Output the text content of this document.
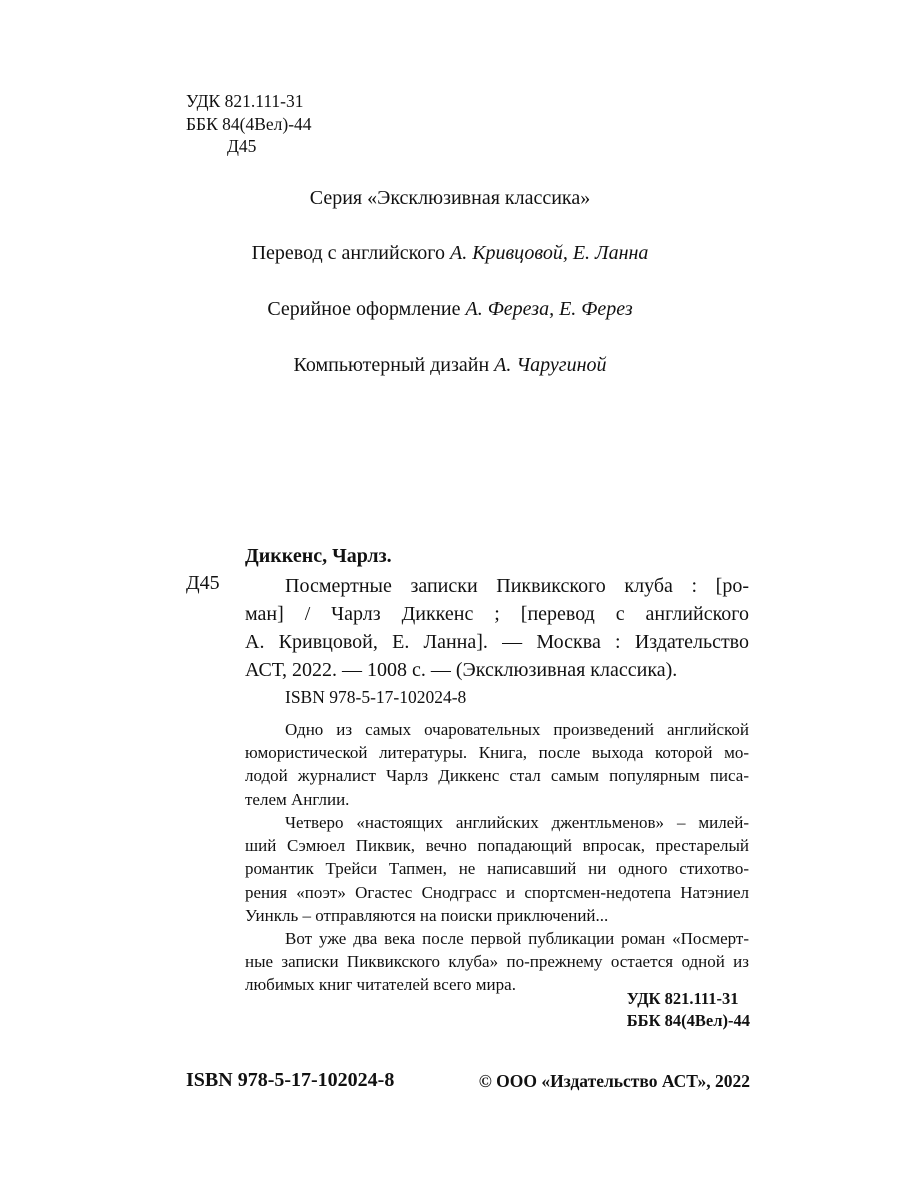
УДК 821.111-31
ББК 84(4Вел)-44
Д45
Серия «Эксклюзивная классика»
Перевод с английского А. Кривцовой, Е. Ланна
Серийное оформление А. Фереза, Е. Ферез
Компьютерный дизайн А. Чаругиной
Диккенс, Чарлз.
Д45	Посмертные записки Пиквикского клуба : [ро-
ман] / Чарлз Диккенс ; [перевод с английского
А. Кривцовой, Е. Ланна]. — Москва : Издательство
АСТ, 2022. — 1008 с. — (Эксклюзивная классика).
ISBN 978-5-17-102024-8
Одно из самых очаровательных произведений английской
юмористической литературы. Книга, после выхода которой мо-
лодой журналист Чарлз Диккенс стал самым популярным писа-
телем Англии.
Четверо «настоящих английских джентльменов» – милей-
ший Сэмюел Пиквик, вечно попадающий впросак, престарелый
романтик Трейси Тапмен, не написавший ни одного стихотво-
рения «поэт» Огастес Снодграсс и спортсмен-недотепа Натэниел
Уинкль – отправляются на поиски приключений...
Вот уже два века после первой публикации роман «Посмерт-
ные записки Пиквикского клуба» по-прежнему остается одной из
любимых книг читателей всего мира.
УДК 821.111-31
ББК 84(4Вел)-44
ISBN 978-5-17-102024-8	© ООО «Издательство АСТ», 2022
